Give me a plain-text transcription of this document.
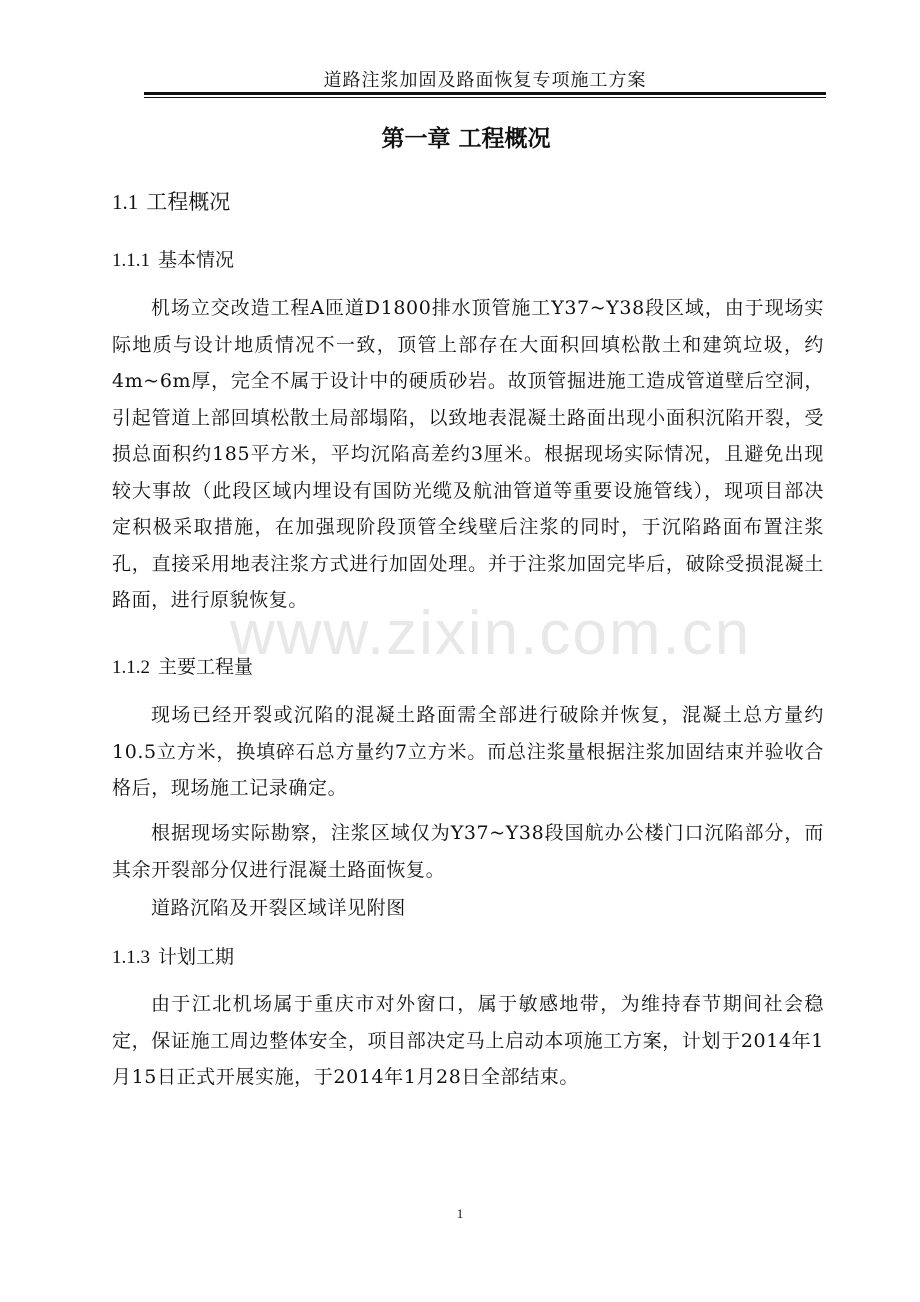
道路注浆加固及路面恢复专项施工方案
第一章 工程概况
1.1 工程概况
1.1.1 基本情况

机场立交改造工程A匝道D1800排水顶管施工Y37~Y38段区域，由于现场实际地质与设计地质情况不一致，顶管上部存在大面积回填松散土和建筑垃圾，约4m~6m厚，完全不属于设计中的硬质砂岩。故顶管掘进施工造成管道壁后空洞，引起管道上部回填松散土局部塌陷，以致地表混凝土路面出现小面积沉陷开裂，受损总面积约185平方米，平均沉陷高差约3厘米。根据现场实际情况，且避免出现较大事故（此段区域内埋设有国防光缆及航油管道等重要设施管线），现项目部决定积极采取措施，在加强现阶段顶管全线壁后注浆的同时，于沉陷路面布置注浆孔，直接采用地表注浆方式进行加固处理。并于注浆加固完毕后，破除受损混凝土路面，进行原貌恢复。

1.1.2 主要工程量

现场已经开裂或沉陷的混凝土路面需全部进行破除并恢复，混凝土总方量约10.5立方米，换填碎石总方量约7立方米。而总注浆量根据注浆加固结束并验收合格后，现场施工记录确定。

根据现场实际勘察，注浆区域仅为Y37~Y38段国航办公楼门口沉陷部分，而其余开裂部分仅进行混凝土路面恢复。

道路沉陷及开裂区域详见附图

1.1.3 计划工期

由于江北机场属于重庆市对外窗口，属于敏感地带，为维持春节期间社会稳定，保证施工周边整体安全，项目部决定马上启动本项施工方案，计划于2014年1月15日正式开展实施，于2014年1月28日全部结束。

www.zixin.com.cn
1
